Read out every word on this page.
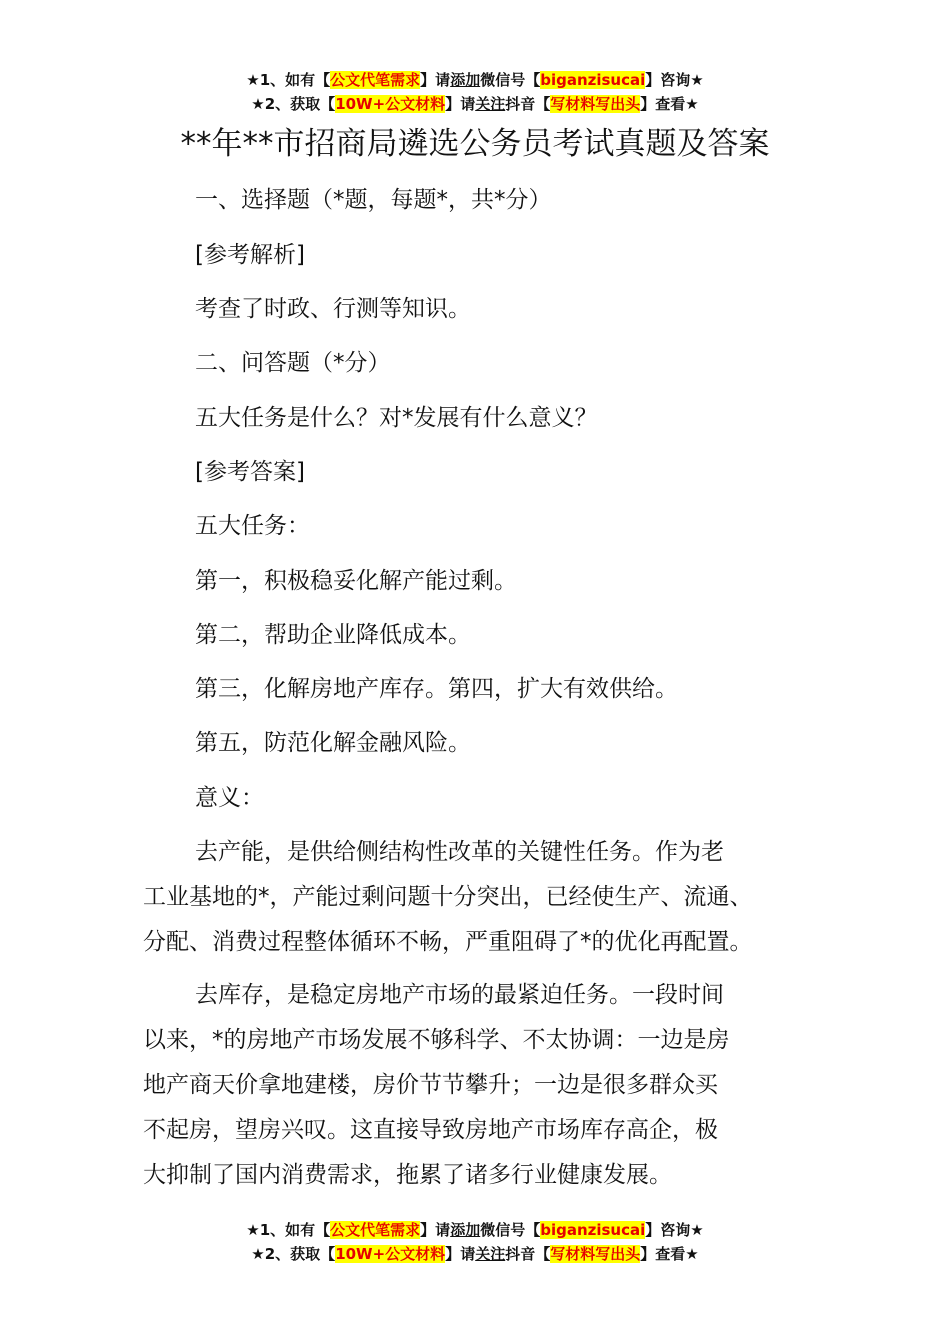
★1、如有【公文代笔需求】请添加微信号【biganzisucai】咨询★
★2、获取【10W+公文材料】请关注抖音【写材料写出头】查看★
**年**市招商局遴选公务员考试真题及答案

一、选择题（*题，每题*，共*分）

[参考解析]

考查了时政、行测等知识。

二、问答题（*分）

五大任务是什么？对*发展有什么意义？

[参考答案]

五大任务：

第一，积极稳妥化解产能过剩。

第二，帮助企业降低成本。

第三，化解房地产库存。第四，扩大有效供给。

第五，防范化解金融风险。

意义：

去产能，是供给侧结构性改革的关键性任务。作为老
工业基地的*，产能过剩问题十分突出，已经使生产、流通、
分配、消费过程整体循环不畅，严重阻碍了*的优化再配置。
去库存，是稳定房地产市场的最紧迫任务。一段时间
以来，*的房地产市场发展不够科学、不太协调：一边是房
地产商天价拿地建楼，房价节节攀升；一边是很多群众买
不起房，望房兴叹。这直接导致房地产市场库存高企，极
大抑制了国内消费需求，拖累了诸多行业健康发展。
★1、如有【公文代笔需求】请添加微信号【biganzisucai】咨询★
★2、获取【10W+公文材料】请关注抖音【写材料写出头】查看★
